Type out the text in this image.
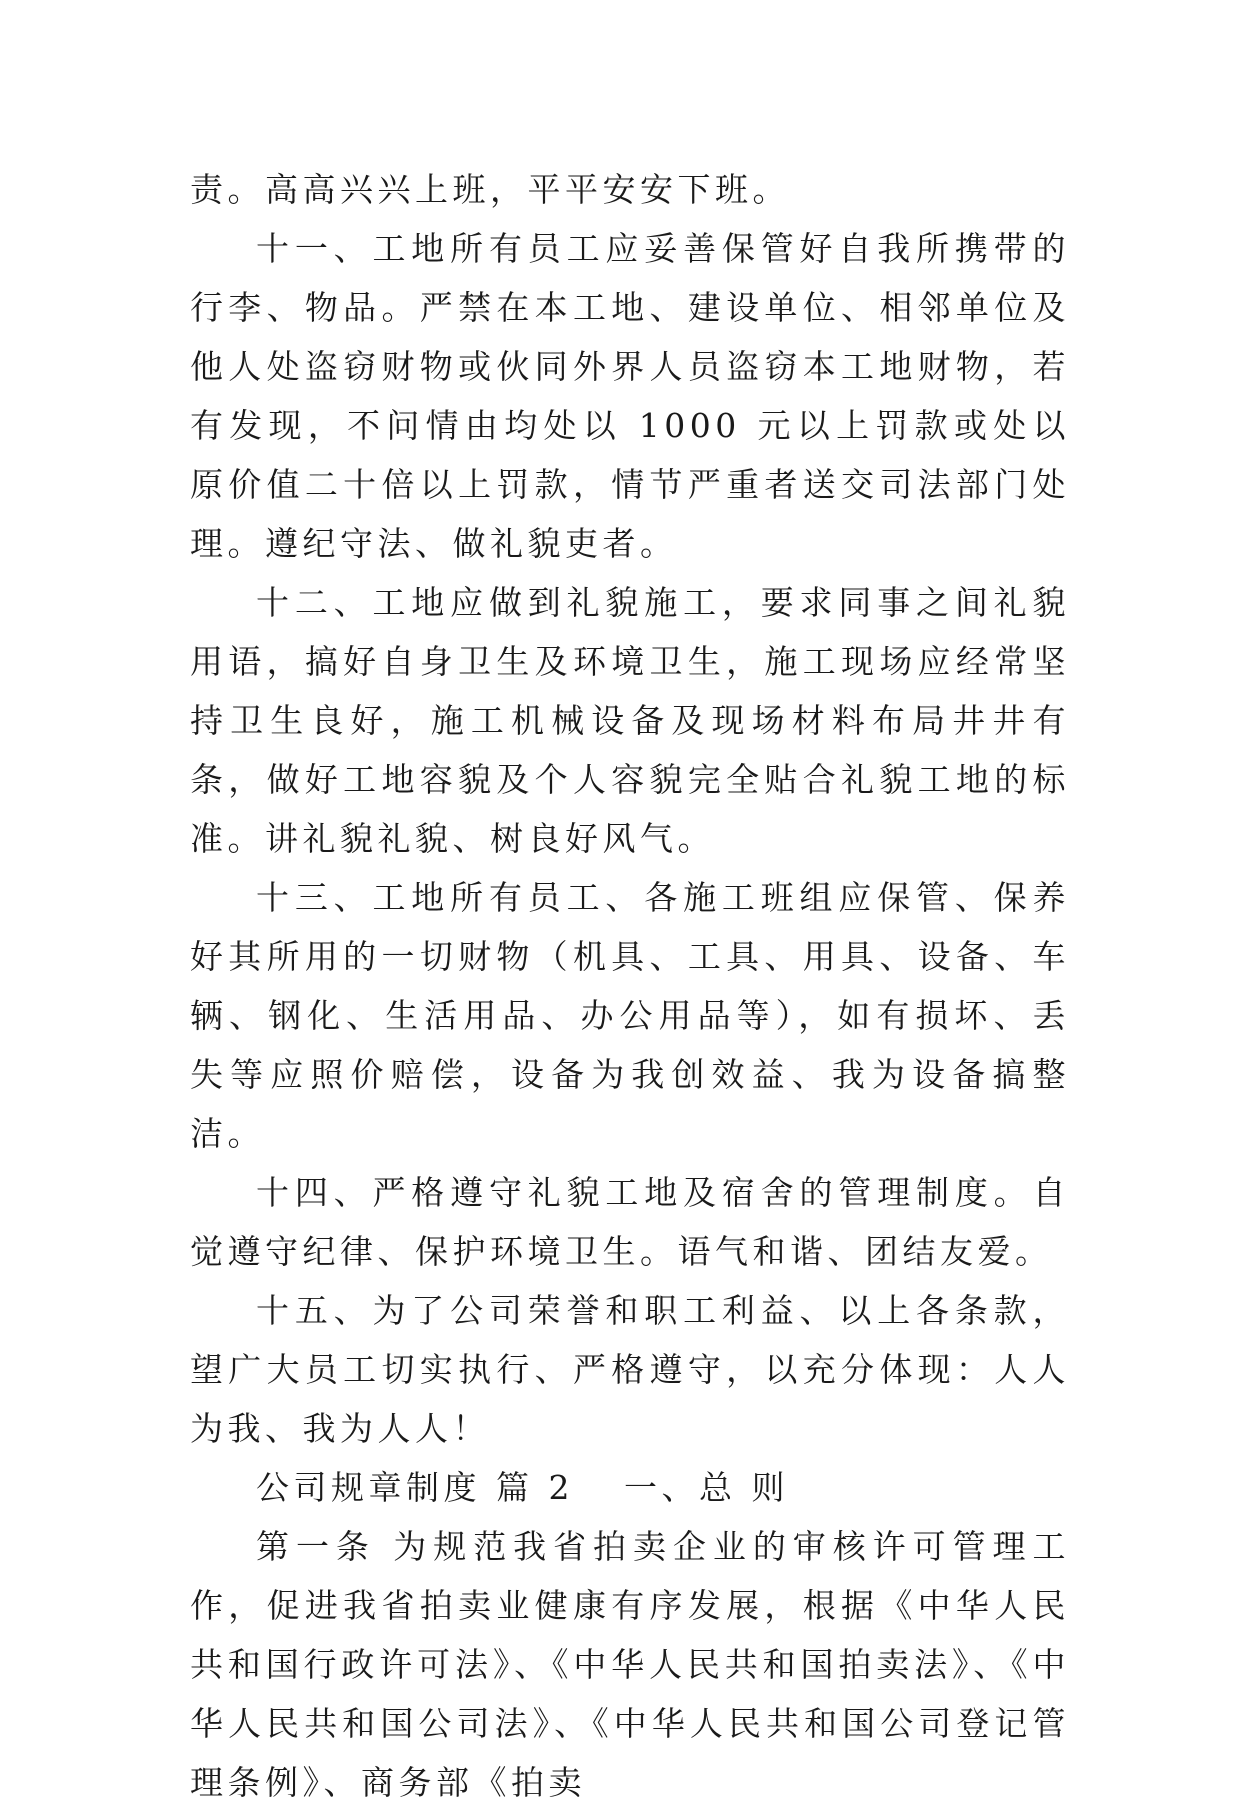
责。高高兴兴上班，平平安安下班。

十一、工地所有员工应妥善保管好自我所携带的行李、物品。严禁在本工地、建设单位、相邻单位及他人处盗窃财物或伙同外界人员盗窃本工地财物，若有发现，不问情由均处以 1000 元以上罚款或处以原价值二十倍以上罚款，情节严重者送交司法部门处理。遵纪守法、做礼貌吏者。

十二、工地应做到礼貌施工，要求同事之间礼貌用语，搞好自身卫生及环境卫生，施工现场应经常坚持卫生良好，施工机械设备及现场材料布局井井有条，做好工地容貌及个人容貌完全贴合礼貌工地的标准。讲礼貌礼貌、树良好风气。

十三、工地所有员工、各施工班组应保管、保养好其所用的一切财物（机具、工具、用具、设备、车辆、钢化、生活用品、办公用品等），如有损坏、丢失等应照价赔偿，设备为我创效益、我为设备搞整洁。

十四、严格遵守礼貌工地及宿舍的管理制度。自觉遵守纪律、保护环境卫生。语气和谐、团结友爱。

十五、为了公司荣誉和职工利益、以上各条款，望广大员工切实执行、严格遵守，以充分体现：人人为我、我为人人！

公司规章制度 篇 2 一、总 则

第一条 为规范我省拍卖企业的审核许可管理工作，促进我省拍卖业健康有序发展，根据《中华人民共和国行政许可法》、《中华人民共和国拍卖法》、《中华人民共和国公司法》、《中华人民共和国公司登记管理条例》、商务部《拍卖
